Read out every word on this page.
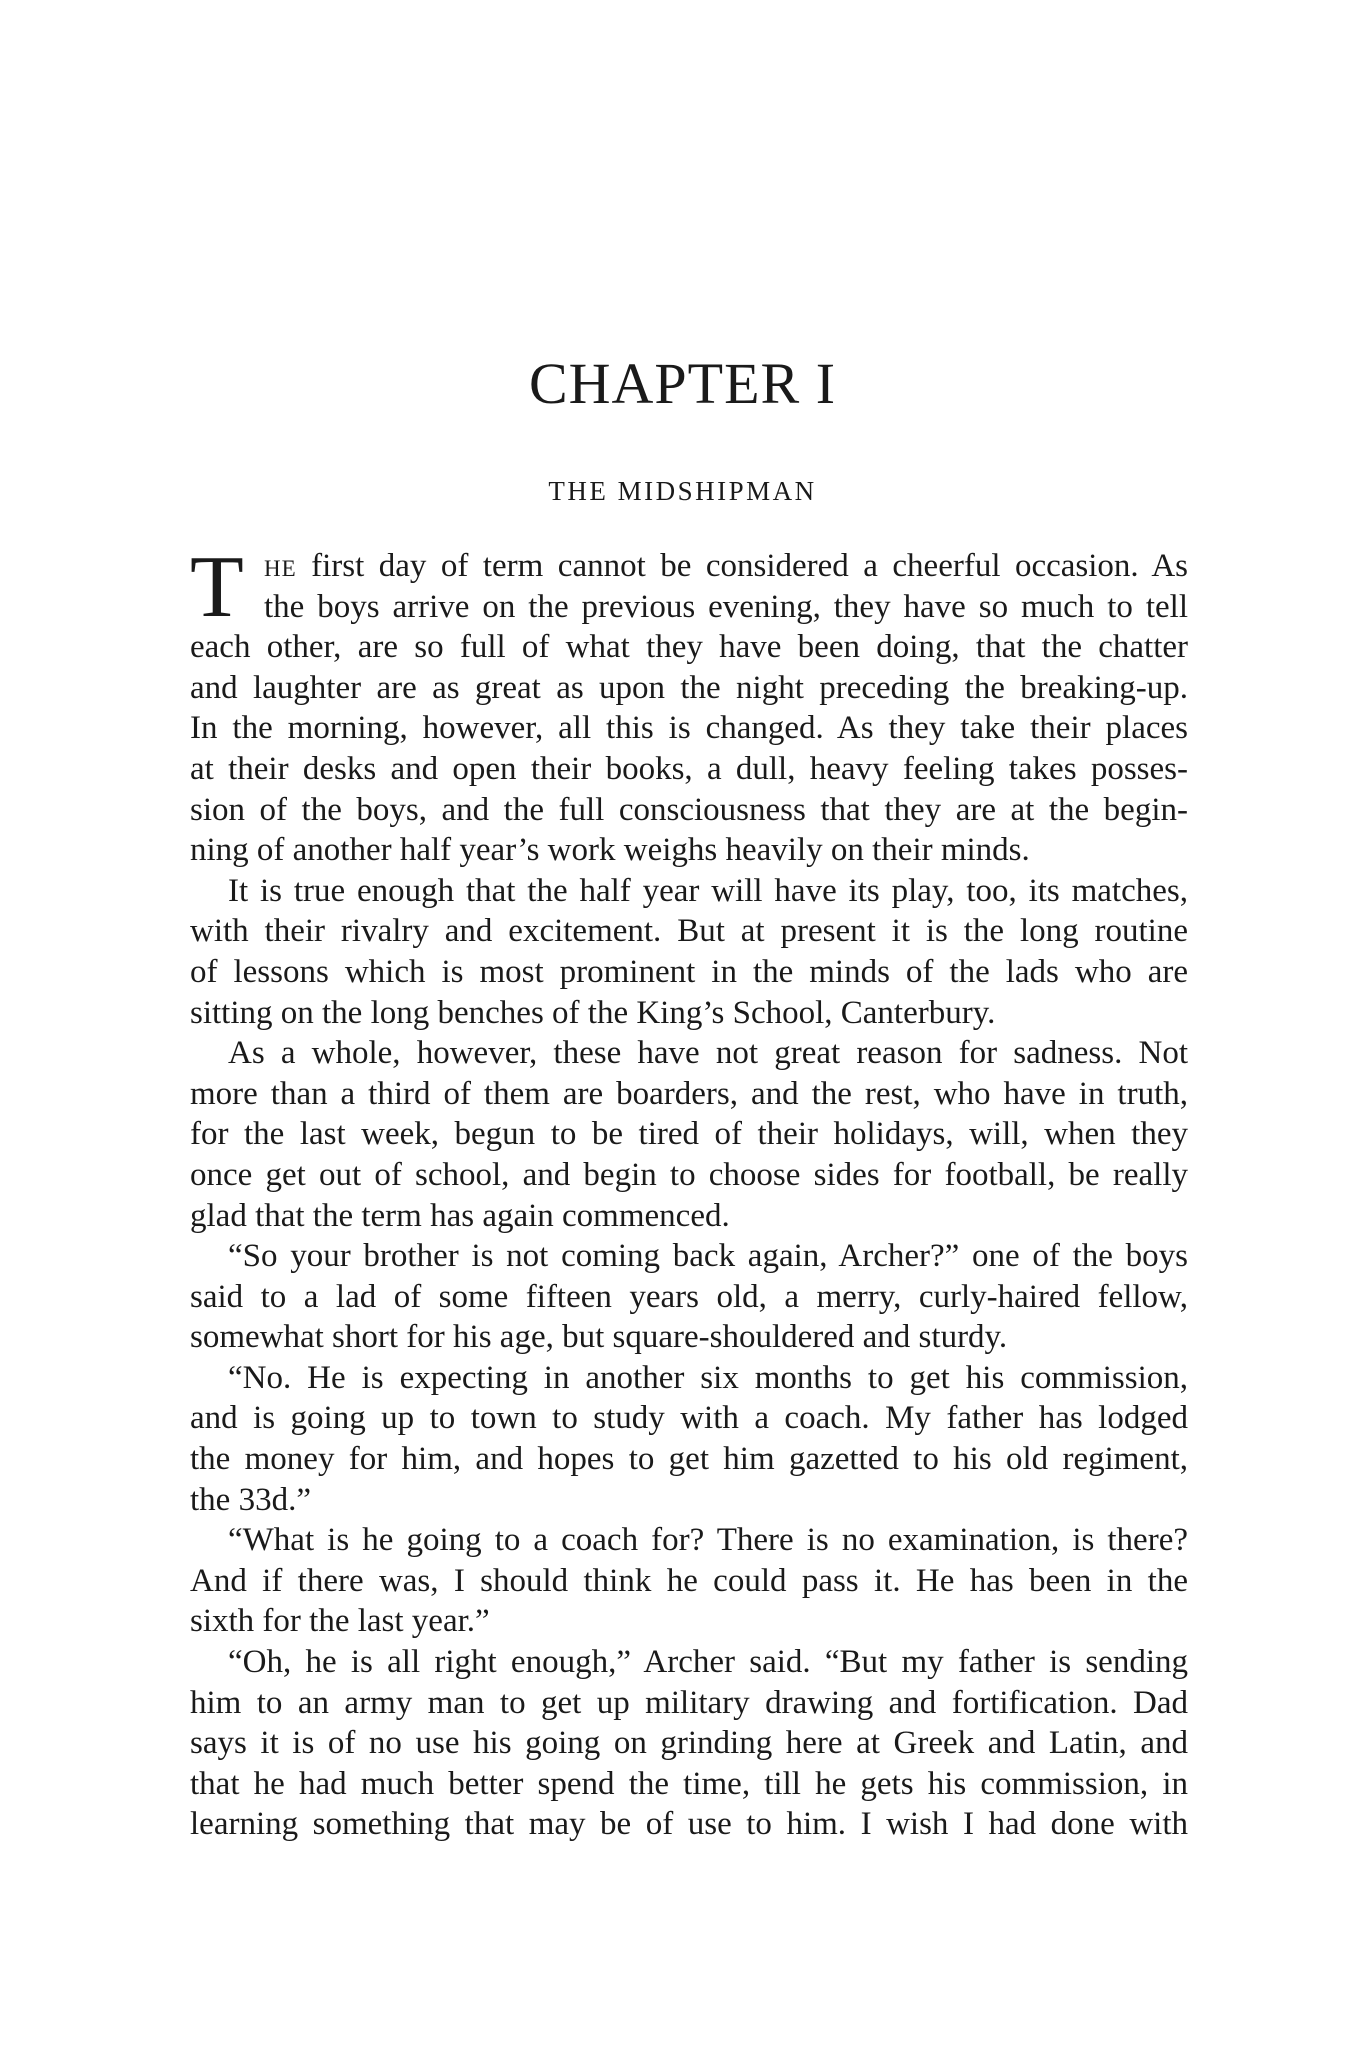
CHAPTER I
THE MIDSHIPMAN
T he first day of term cannot be considered a cheerful occasion. As
the boys arrive on the previous evening, they have so much to tell
each other, are so full of what they have been doing, that the chatter
and laughter are as great as upon the night preceding the breaking-up.
In the morning, however, all this is changed. As they take their places
at their desks and open their books, a dull, heavy feeling takes posses-
sion of the boys, and the full consciousness that they are at the begin-
ning of another half year’s work weighs heavily on their minds.
It is true enough that the half year will have its play, too, its matches,
with their rivalry and excitement. But at present it is the long routine
of lessons which is most prominent in the minds of the lads who are
sitting on the long benches of the King’s School, Canterbury.
As a whole, however, these have not great reason for sadness. Not
more than a third of them are boarders, and the rest, who have in truth,
for the last week, begun to be tired of their holidays, will, when they
once get out of school, and begin to choose sides for football, be really
glad that the term has again commenced.
“So your brother is not coming back again, Archer?” one of the boys
said to a lad of some fifteen years old, a merry, curly-haired fellow,
somewhat short for his age, but square-shouldered and sturdy.
“No. He is expecting in another six months to get his commission,
and is going up to town to study with a coach. My father has lodged
the money for him, and hopes to get him gazetted to his old regiment,
the 33d.”
“What is he going to a coach for? There is no examination, is there?
And if there was, I should think he could pass it. He has been in the
sixth for the last year.”
“Oh, he is all right enough,” Archer said. “But my father is sending
him to an army man to get up military drawing and fortification. Dad
says it is of no use his going on grinding here at Greek and Latin, and
that he had much better spend the time, till he gets his commission, in
learning something that may be of use to him. I wish I had done with
